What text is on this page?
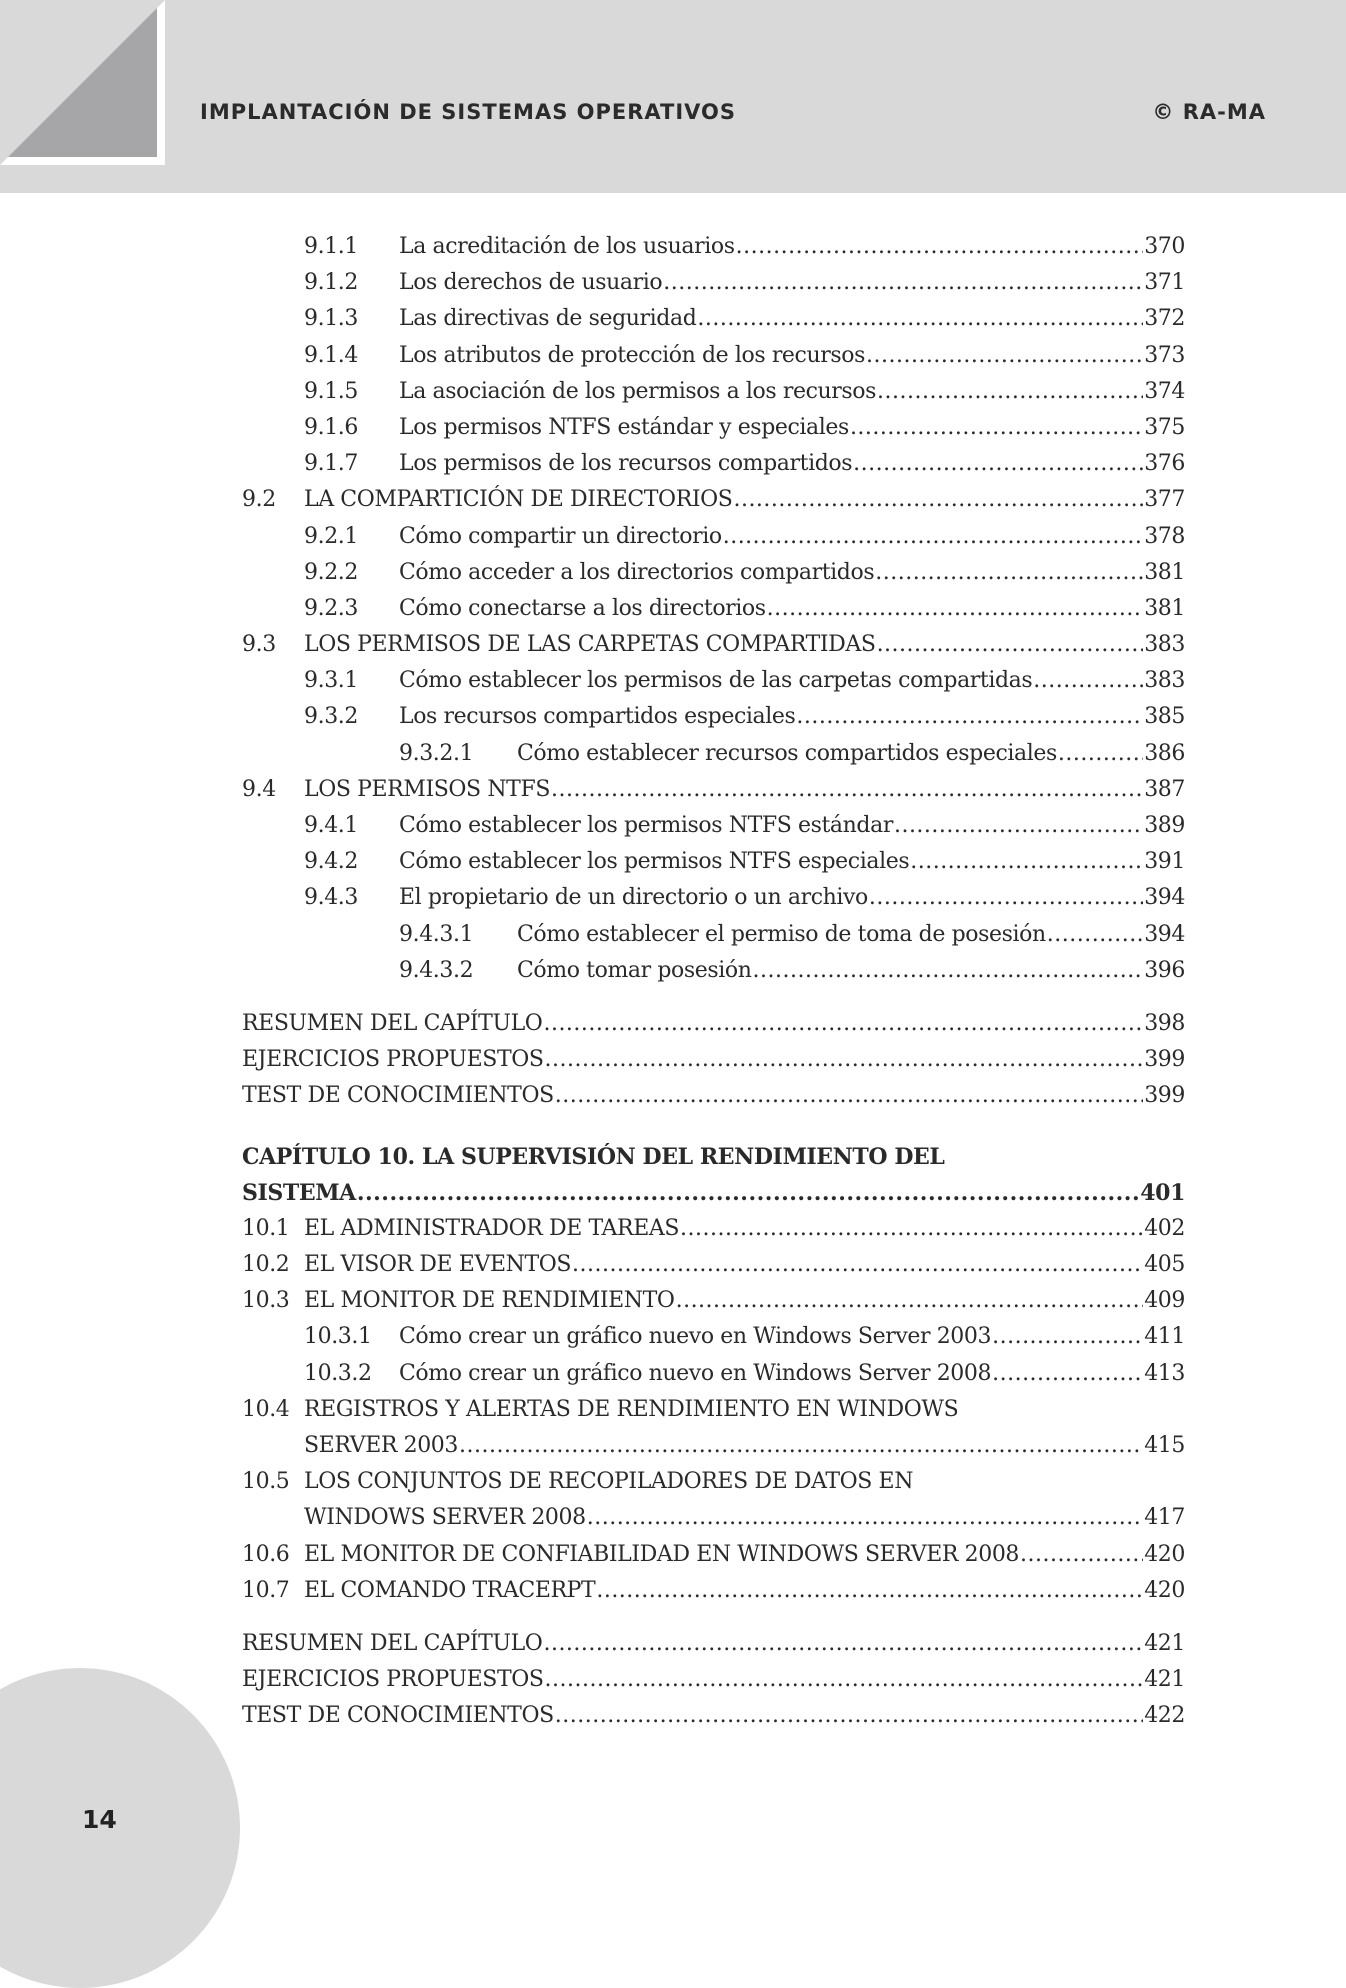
IMPLANTACIÓN DE SISTEMAS OPERATIVOS	© RA-MA
14
9.1.1	La acreditación de los usuarios .....	370
9.1.2	Los derechos de usuario .....	371
9.1.3	Las directivas de seguridad .....	372
9.1.4	Los atributos de protección de los recursos .....	373
9.1.5	La asociación de los permisos a los recursos .....	374
9.1.6	Los permisos NTFS estándar y especiales .....	375
9.1.7	Los permisos de los recursos compartidos .....	376
9.2	LA COMPARTICIÓN DE DIRECTORIOS .....	377
9.2.1	Cómo compartir un directorio .....	378
9.2.2	Cómo acceder a los directorios compartidos .....	381
9.2.3	Cómo conectarse a los directorios .....	381
9.3	LOS PERMISOS DE LAS CARPETAS COMPARTIDAS .....	383
9.3.1	Cómo establecer los permisos de las carpetas compartidas .....	383
9.3.2	Los recursos compartidos especiales .....	385
9.3.2.1	Cómo establecer recursos compartidos especiales .....	386
9.4	LOS PERMISOS NTFS .....	387
9.4.1	Cómo establecer los permisos NTFS estándar .....	389
9.4.2	Cómo establecer los permisos NTFS especiales .....	391
9.4.3	El propietario de un directorio o un archivo .....	394
9.4.3.1	Cómo establecer el permiso de toma de posesión .....	394
9.4.3.2	Cómo tomar posesión .....	396
RESUMEN DEL CAPÍTULO .....	398
EJERCICIOS PROPUESTOS .....	399
TEST DE CONOCIMIENTOS .....	399
CAPÍTULO 10. LA SUPERVISIÓN DEL RENDIMIENTO DEL
SISTEMA .....	401
10.1 EL ADMINISTRADOR DE TAREAS .....	402
10.2 EL VISOR DE EVENTOS .....	405
10.3 EL MONITOR DE RENDIMIENTO .....	409
10.3.1	Cómo crear un gráfico nuevo en Windows Server 2003 .....	411
10.3.2	Cómo crear un gráfico nuevo en Windows Server 2008 .....	413
10.4 REGISTROS Y ALERTAS DE RENDIMIENTO EN WINDOWS
SERVER 2003 .....	415
10.5 LOS CONJUNTOS DE RECOPILADORES DE DATOS EN
WINDOWS SERVER 2008 .....	417
10.6 EL MONITOR DE CONFIABILIDAD EN WINDOWS SERVER 2008 .....	420
10.7 EL COMANDO TRACERPT .....	420
RESUMEN DEL CAPÍTULO .....	421
EJERCICIOS PROPUESTOS .....	421
TEST DE CONOCIMIENTOS .....	422
